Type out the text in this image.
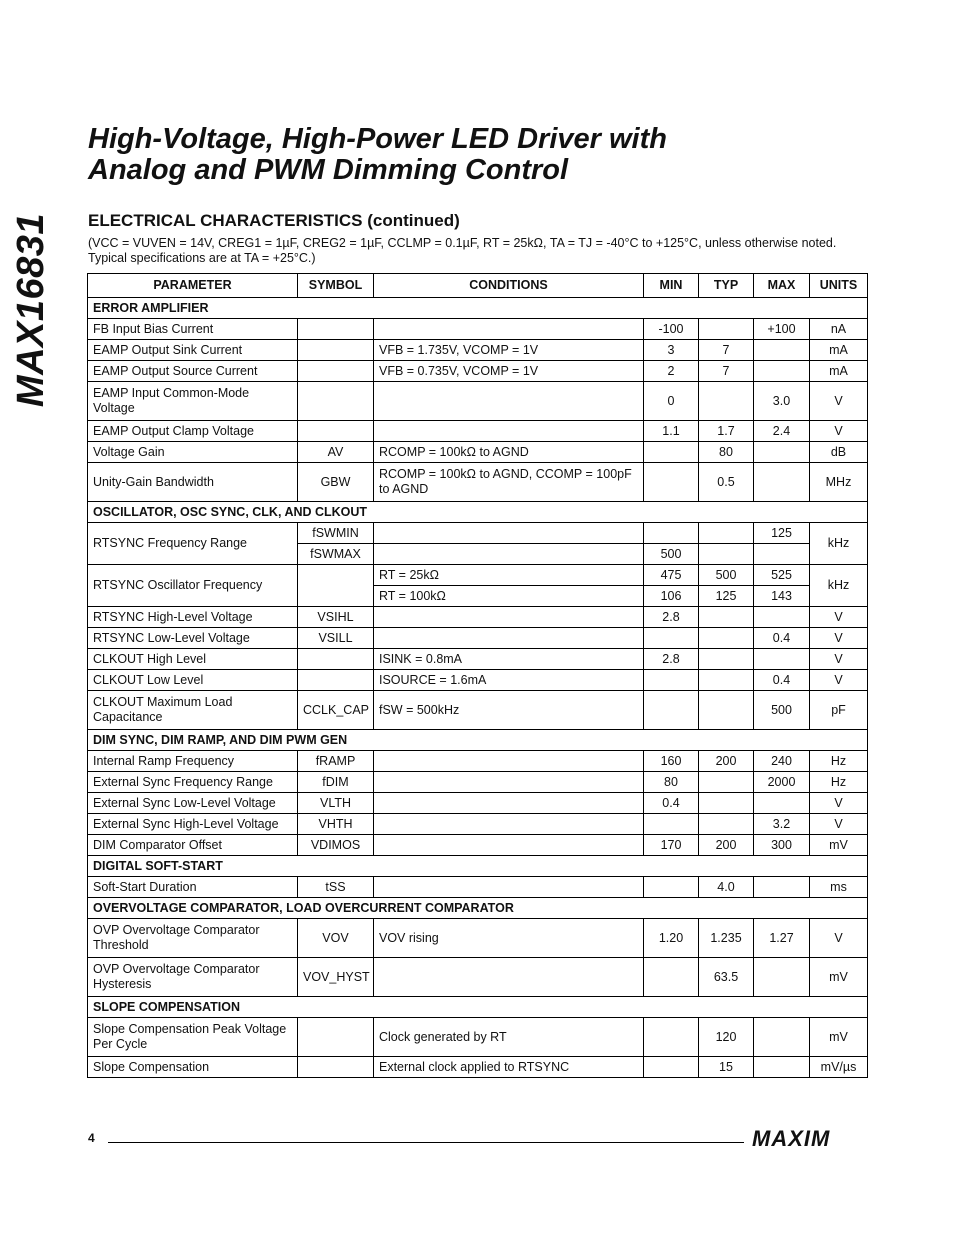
MAX16831
High-Voltage, High-Power LED Driver with
Analog and PWM Dimming Control
ELECTRICAL CHARACTERISTICS (continued)
(VCC = VUVEN = 14V, CREG1 = 1µF, CREG2 = 1µF, CCLMP = 0.1µF, RT = 25kΩ, TA = TJ = -40°C to +125°C, unless otherwise noted. Typical specifications are at TA = +25°C.)
PARAMETER	SYMBOL	CONDITIONS	MIN	TYP	MAX	UNITS
ERROR AMPLIFIER						
FB Input Bias Current			-100		+100	nA
EAMP Output Sink Current		VFB = 1.735V, VCOMP = 1V	3	7		mA
EAMP Output Source Current		VFB = 0.735V, VCOMP = 1V	2	7		mA
EAMP Input Common-Mode Voltage			0		3.0	V
EAMP Output Clamp Voltage			1.1	1.7	2.4	V
Voltage Gain	AV	RCOMP = 100kΩ to AGND		80		dB
Unity-Gain Bandwidth	GBW	RCOMP = 100kΩ to AGND, CCOMP = 100pF to AGND		0.5		MHz
OSCILLATOR, OSC SYNC, CLK, AND CLKOUT						
RTSYNC Frequency Range	fSWMIN				125	kHz
	fSWMAX		500			
RTSYNC Oscillator Frequency		RT = 25kΩ	475	500	525	kHz
		RT = 100kΩ	106	125	143	
RTSYNC High-Level Voltage	VSIHL		2.8			V
RTSYNC Low-Level Voltage	VSILL				0.4	V
CLKOUT High Level		ISINK = 0.8mA	2.8			V
CLKOUT Low Level		ISOURCE = 1.6mA			0.4	V
CLKOUT Maximum Load Capacitance	CCLK_CAP	fSW = 500kHz			500	pF
DIM SYNC, DIM RAMP, AND DIM PWM GEN						
Internal Ramp Frequency	fRAMP		160	200	240	Hz
External Sync Frequency Range	fDIM		80		2000	Hz
External Sync Low-Level Voltage	VLTH		0.4			V
External Sync High-Level Voltage	VHTH				3.2	V
DIM Comparator Offset	VDIMOS		170	200	300	mV
DIGITAL SOFT-START						
Soft-Start Duration	tSS			4.0		ms
OVERVOLTAGE COMPARATOR, LOAD OVERCURRENT COMPARATOR						
OVP Overvoltage Comparator Threshold	VOV	VOV rising	1.20	1.235	1.27	V
OVP Overvoltage Comparator Hysteresis	VOV_HYST			63.5		mV
SLOPE COMPENSATION						
Slope Compensation Peak Voltage Per Cycle		Clock generated by RT		120		mV
Slope Compensation		External clock applied to RTSYNC		15		mV/µs
4	MAXIM
